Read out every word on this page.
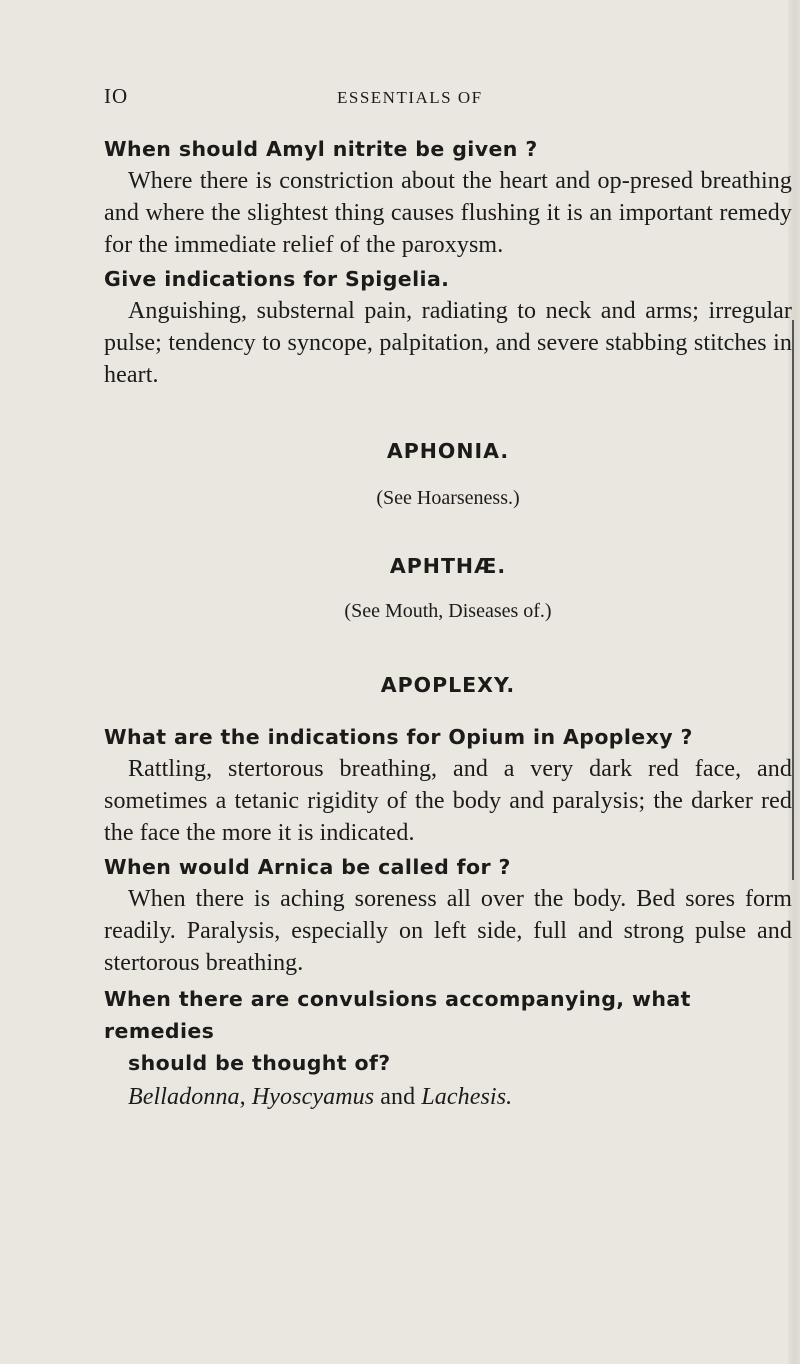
IO	ESSENTIALS OF

When should Amyl nitrite be given ?

Where there is constriction about the heart and op-presed breathing and where the slightest thing causes flushing it is an important remedy for the immediate relief of the paroxysm.

Give indications for Spigelia.

Anguishing, substernal pain, radiating to neck and arms; irregular pulse; tendency to syncope, palpitation, and severe stabbing stitches in heart.

APHONIA.

(See Hoarseness.)

APHTHÆ.

(See Mouth, Diseases of.)

APOPLEXY.

What are the indications for Opium in Apoplexy ?

Rattling, stertorous breathing, and a very dark red face, and sometimes a tetanic rigidity of the body and paralysis; the darker red the face the more it is indicated.

When would Arnica be called for ?

When there is aching soreness all over the body. Bed sores form readily. Paralysis, especially on left side, full and strong pulse and stertorous breathing.

When there are convulsions accompanying, what remedies
should be thought of?

Belladonna, Hyoscyamus and Lachesis.
